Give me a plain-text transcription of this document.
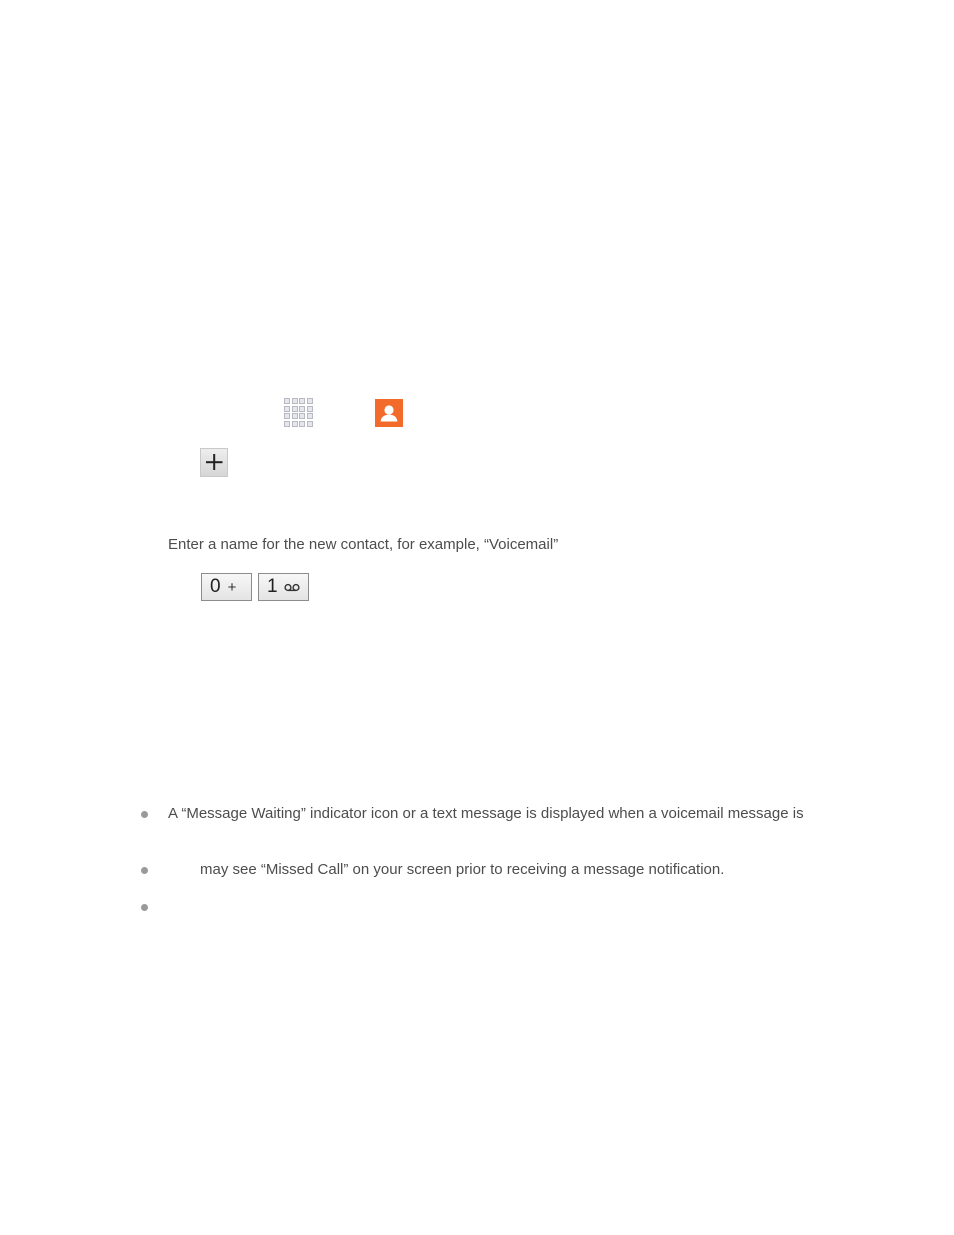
Enter a name for the new contact, for example, “Voicemail”
0 + 1
A “Message Waiting” indicator icon or a text message is displayed when a voicemail message is
may see “Missed Call” on your screen prior to receiving a message notification.
